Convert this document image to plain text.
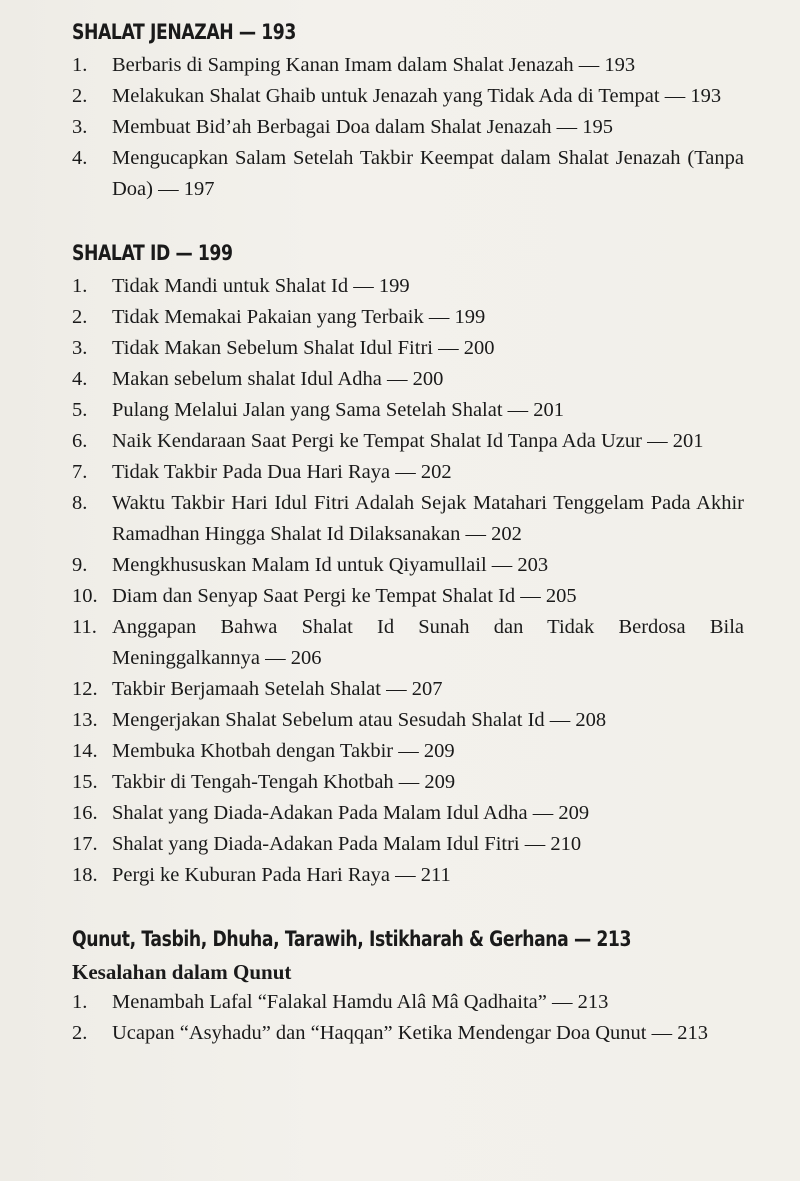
SHALAT JENAZAH — 193
1.	Berbaris di Samping Kanan Imam dalam Shalat Jenazah — 193
2.	Melakukan Shalat Ghaib untuk Jenazah yang Tidak Ada di Tempat — 193
3.	Membuat Bid’ah Berbagai Doa dalam Shalat Jenazah — 195
4.	Mengucapkan Salam Setelah Takbir Keempat dalam Shalat Jenazah (Tanpa Doa) — 197
SHALAT ID — 199
1.	Tidak Mandi untuk Shalat Id — 199
2.	Tidak Memakai Pakaian yang Terbaik — 199
3.	Tidak Makan Sebelum Shalat Idul Fitri — 200
4.	Makan sebelum shalat Idul Adha — 200
5.	Pulang Melalui Jalan yang Sama Setelah Shalat — 201
6.	Naik Kendaraan Saat Pergi ke Tempat Shalat Id Tanpa Ada Uzur — 201
7.	Tidak Takbir Pada Dua Hari Raya — 202
8.	Waktu Takbir Hari Idul Fitri Adalah Sejak Matahari Tenggelam Pada Akhir Ramadhan Hingga Shalat Id Dilaksanakan — 202
9.	Mengkhususkan Malam Id untuk Qiyamullail — 203
10. Diam dan Senyap Saat Pergi ke Tempat Shalat Id — 205
11. Anggapan Bahwa Shalat Id Sunah dan Tidak Berdosa Bila Meninggalkannya — 206
12. Takbir Berjamaah Setelah Shalat — 207
13. Mengerjakan Shalat Sebelum atau Sesudah Shalat Id — 208
14. Membuka Khotbah dengan Takbir — 209
15. Takbir di Tengah-Tengah Khotbah — 209
16. Shalat yang Diada-Adakan Pada Malam Idul Adha — 209
17. Shalat yang Diada-Adakan Pada Malam Idul Fitri — 210
18. Pergi ke Kuburan Pada Hari Raya — 211
Qunut, Tasbih, Dhuha, Tarawih, Istikharah & Gerhana — 213
Kesalahan dalam Qunut
1.	Menambah Lafal “Falakal Hamdu Alâ Mâ Qadhaita” — 213
2.	Ucapan “Asyhadu” dan “Haqqan” Ketika Mendengar Doa Qunut — 213
